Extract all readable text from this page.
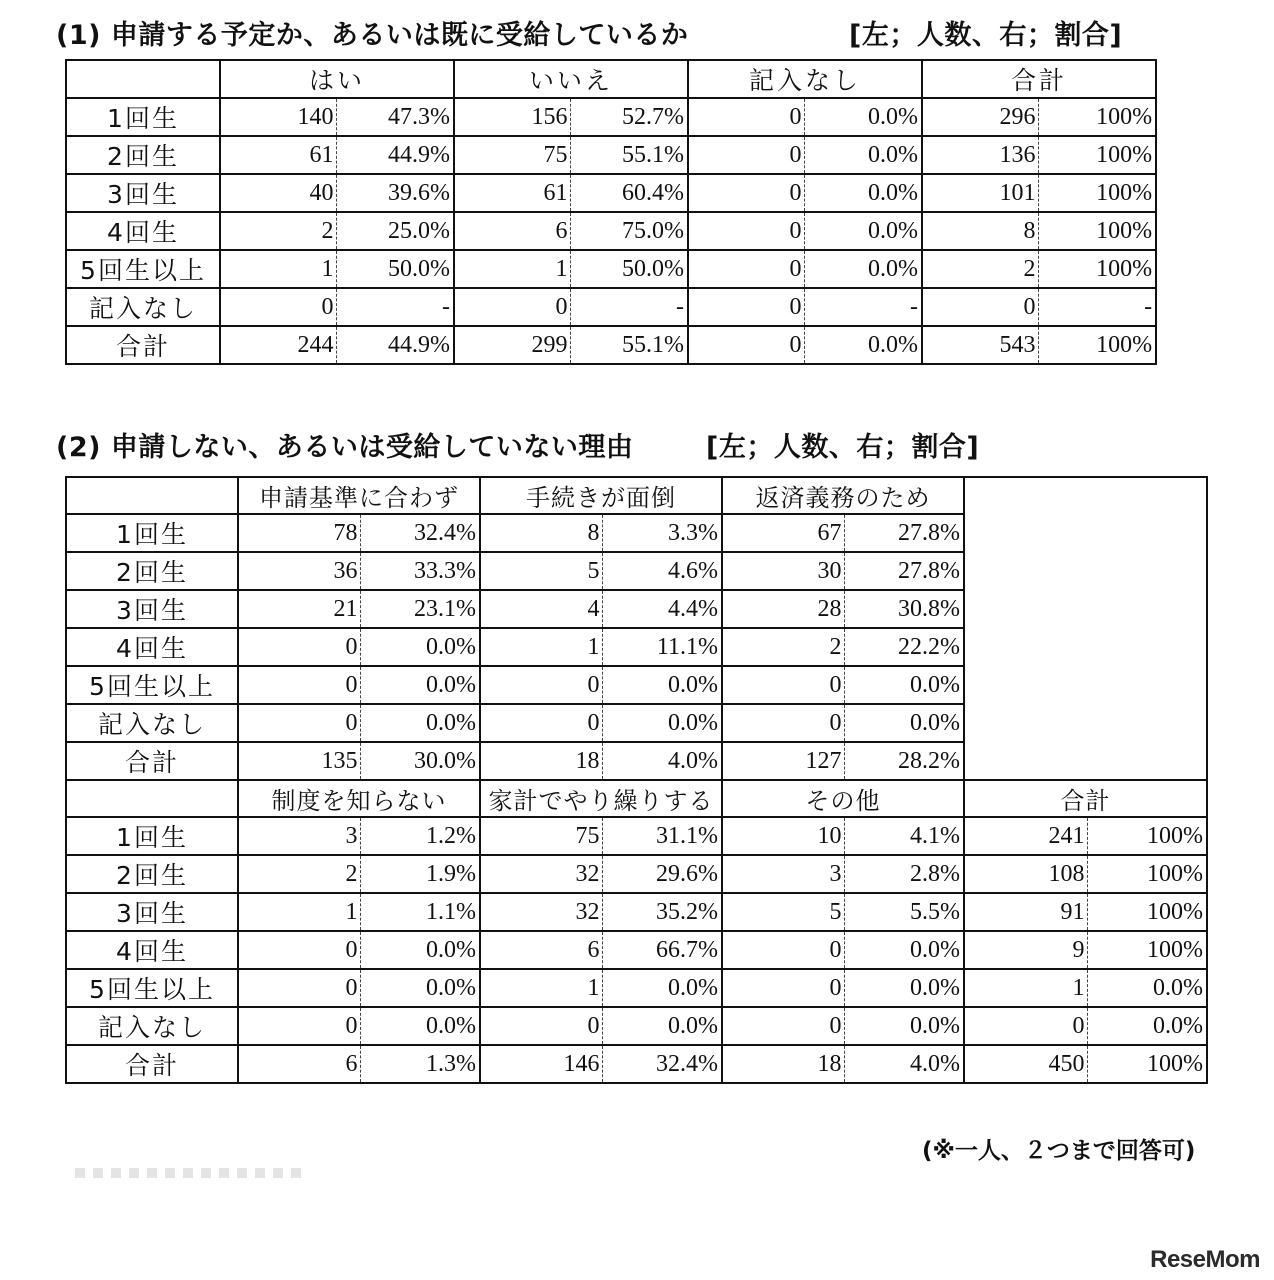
(1) 申請する予定か、あるいは既に受給しているか	[左；人数、右；割合]
	はい		いいえ		記入なし		合計	
1回生	140	47.3%	156	52.7%	0	0.0%	296	100%
2回生	61	44.9%	75	55.1%	0	0.0%	136	100%
3回生	40	39.6%	61	60.4%	0	0.0%	101	100%
4回生	2	25.0%	6	75.0%	0	0.0%	8	100%
5回生以上	1	50.0%	1	50.0%	0	0.0%	2	100%
記入なし	0	-	0	-	0	-	0	-
合計	244	44.9%	299	55.1%	0	0.0%	543	100%
(2) 申請しない、あるいは受給していない理由	[左；人数、右；割合]
	申請基準に合わず		手続きが面倒		返済義務のため			
1回生	78	32.4%	8	3.3%	67	27.8%		
2回生	36	33.3%	5	4.6%	30	27.8%		
3回生	21	23.1%	4	4.4%	28	30.8%		
4回生	0	0.0%	1	11.1%	2	22.2%		
5回生以上	0	0.0%	0	0.0%	0	0.0%		
記入なし	0	0.0%	0	0.0%	0	0.0%		
合計	135	30.0%	18	4.0%	127	28.2%		
	制度を知らない		家計でやり繰りする		その他		合計	
1回生	3	1.2%	75	31.1%	10	4.1%	241	100%
2回生	2	1.9%	32	29.6%	3	2.8%	108	100%
3回生	1	1.1%	32	35.2%	5	5.5%	91	100%
4回生	0	0.0%	6	66.7%	0	0.0%	9	100%
5回生以上	0	0.0%	1	0.0%	0	0.0%	1	0.0%
記入なし	0	0.0%	0	0.0%	0	0.0%	0	0.0%
合計	6	1.3%	146	32.4%	18	4.0%	450	100%
(※一人、２つまで回答可)
ReseMom
